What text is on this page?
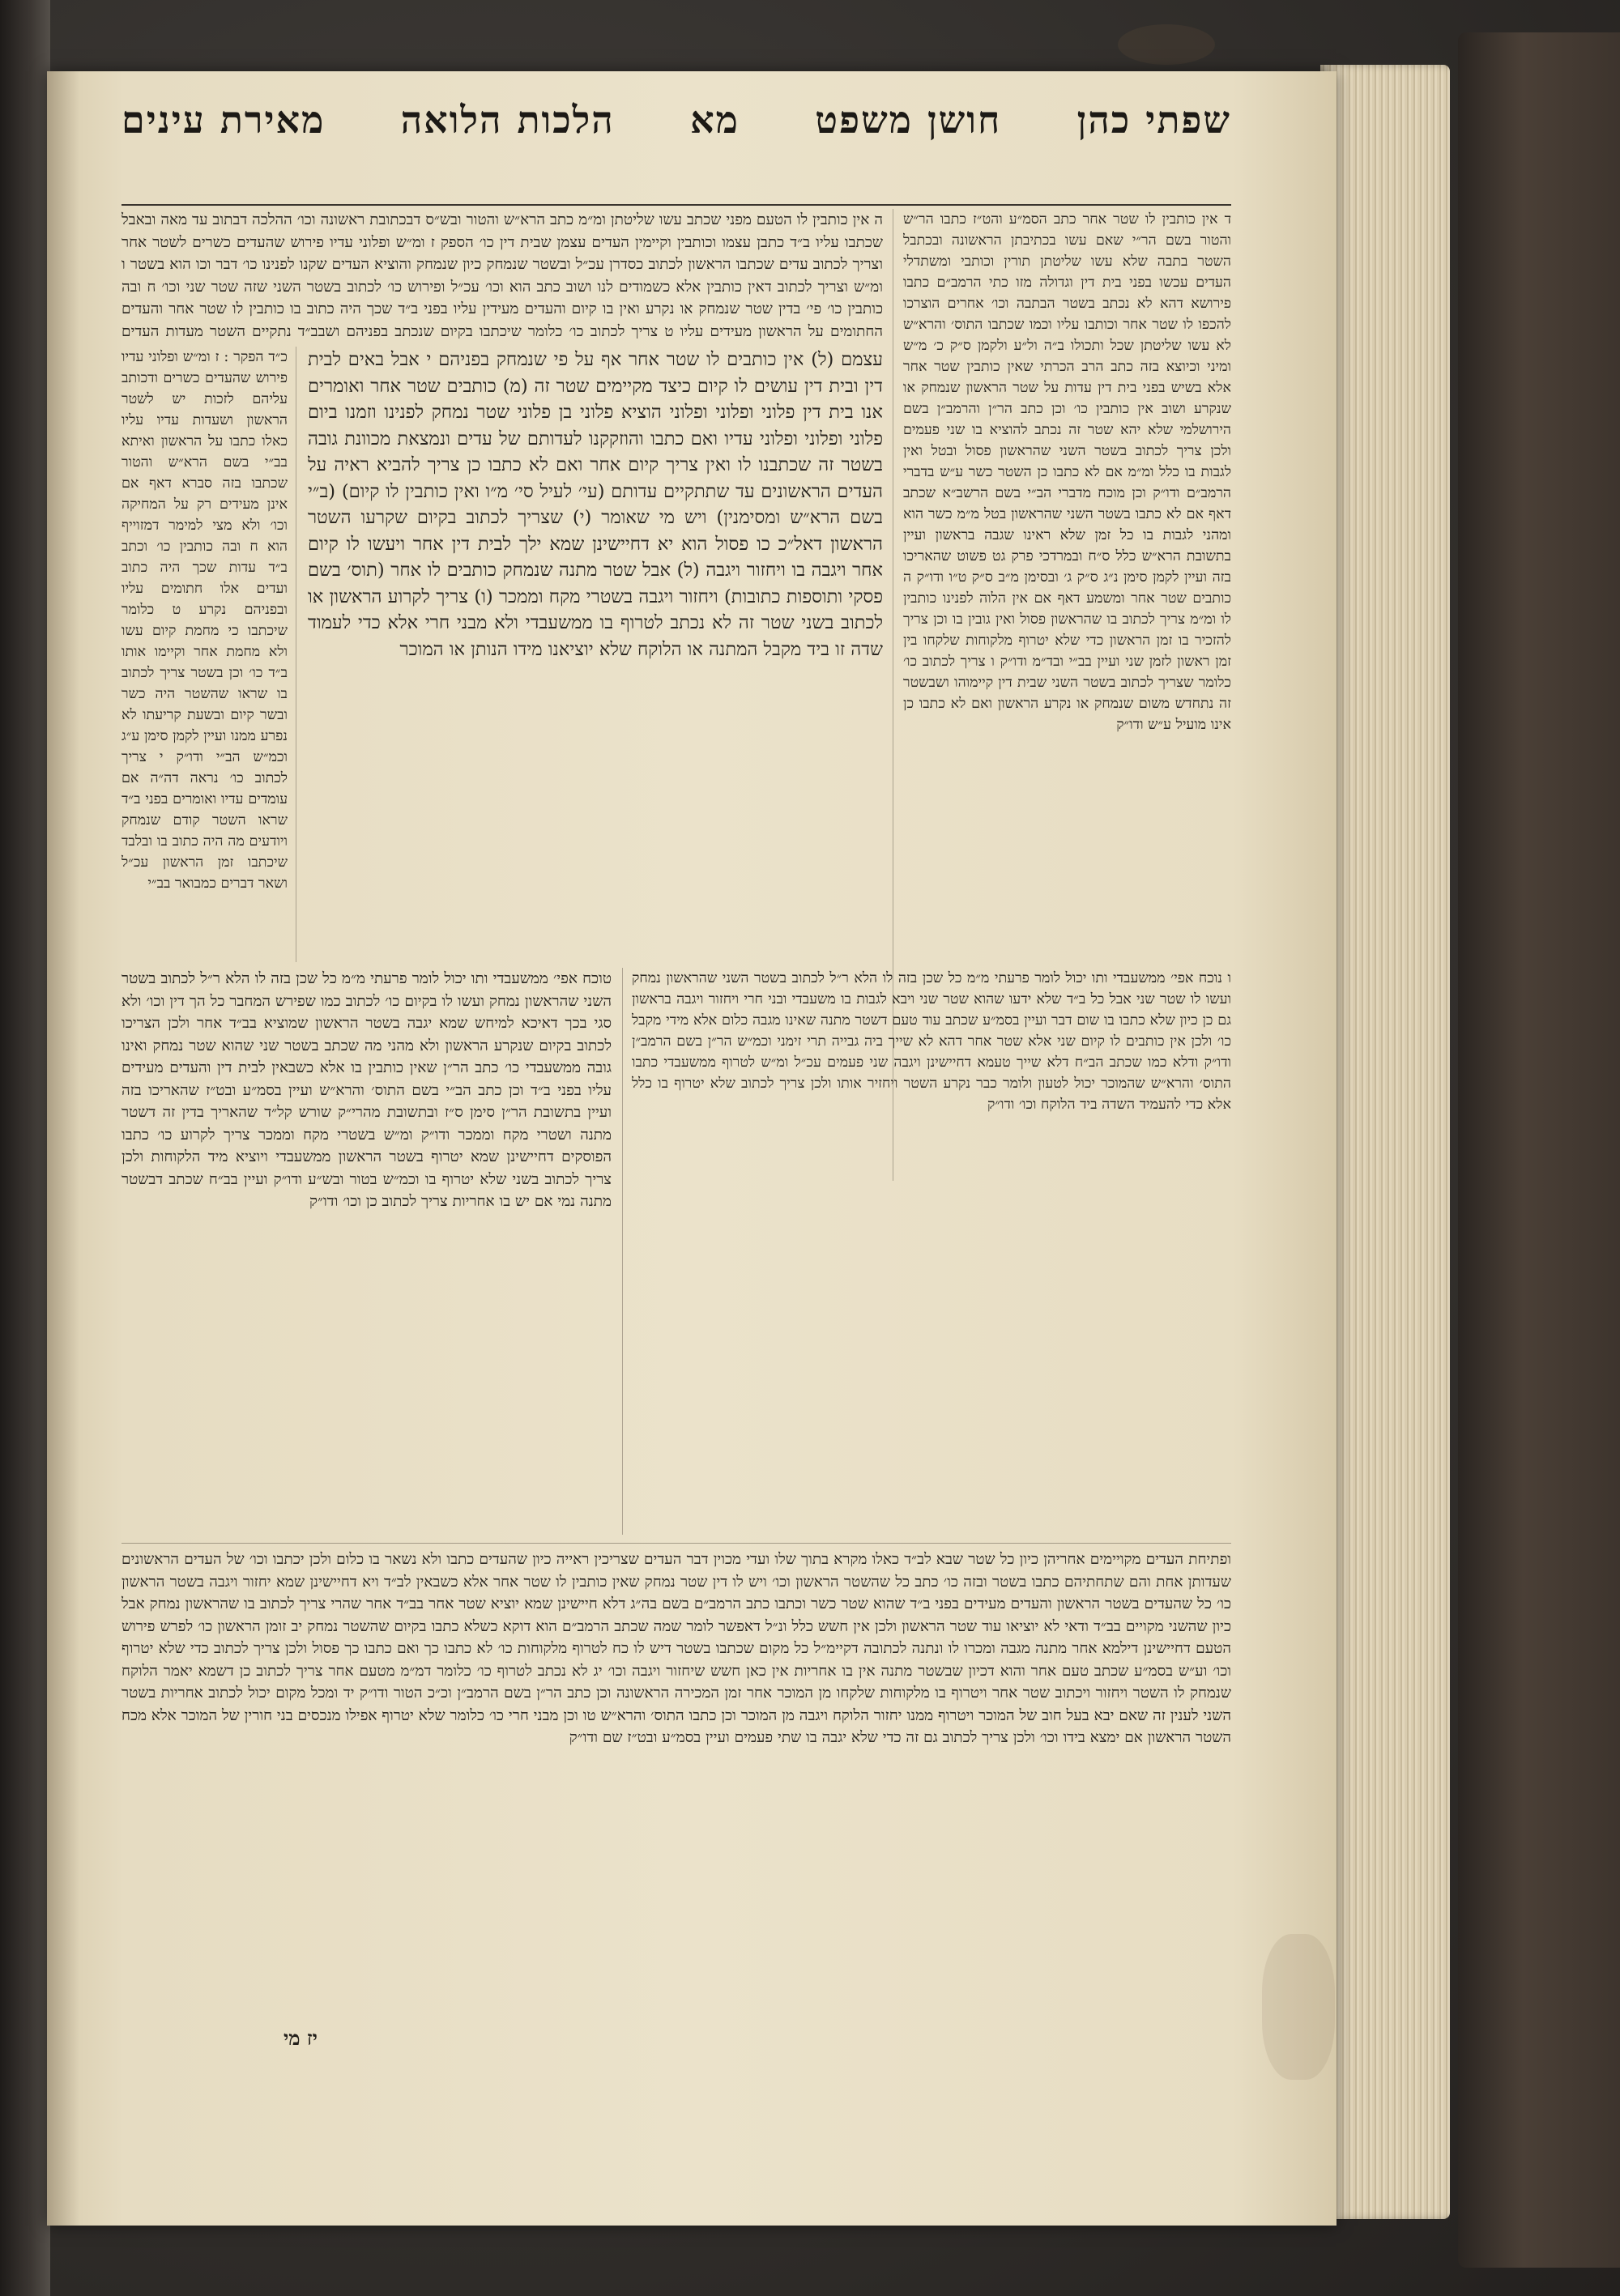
שפתי כהן
חושן משפט
מא
הלכות הלואה
מאירת עינים

ד אין כותבין לו שטר אחר כתב הסמ״ע והט״ז כתבו הר״ש והטור בשם הר״י שאם עשו בכתיבתן הראשונה ובכתבל השטר בתבה שלא עשו שליטתן תורין וכותבי ומשתדלי העדים עכשו בפני בית דין וגדולה מזו כתי הרמב״ם כתבו פירושא דהא לא נכתב בשטר הבתבה וכו׳ אחרים הוצרכו להכפו לו שטר אחר וכותבו עליו וכמו שכתבו התוס׳ והרא״ש לא עשו שליטתן שכל ותכולו ב״ה ול״ע ולקמן ס״ק כ׳ מ״ש ומיני וכיוצא בזה כתב הרב הכרתי שאין כותבין שטר אחר אלא בשיש בפני בית דין עדות על שטר הראשון שנמחק או שנקרע ושוב אין כותבין כו׳ וכן כתב הר״ן והרמב״ן בשם הירושלמי שלא יהא שטר זה נכתב להוציא בו שני פעמים ולכן צריך לכתוב בשטר השני שהראשון פסול ובטל ואין לגבות בו כלל ומ״מ אם לא כתבו כן השטר כשר ע״ש בדברי הרמב״ם ודו״ק וכן מוכח מדברי הב״י בשם הרשב״א שכתב דאף אם לא כתבו בשטר השני שהראשון בטל מ״מ כשר הוא ומהני לגבות בו כל זמן שלא ראינו שגבה בראשון ועיין בתשובת הרא״ש כלל ס״ח ובמרדכי פרק גט פשוט שהאריכו בזה ועיין לקמן סימן נ״ג ס״ק ג׳ ובסימן מ״ב ס״ק ט״ו ודו״ק ה כותבים שטר אחר ומשמע דאף אם אין הלוה לפנינו כותבין לו ומ״מ צריך לכתוב בו שהראשון פסול ואין גובין בו וכן צריך להזכיר בו זמן הראשון כדי שלא יטרוף מלקוחות שלקחו בין זמן ראשון לזמן שני ועיין בב״י ובד״מ ודו״ק ו צריך לכתוב כו׳ כלומר שצריך לכתוב בשטר השני שבית דין קיימוהו ושבשטר זה נתחדש משום שנמחק או נקרע הראשון ואם לא כתבו כן אינו מועיל ע״ש ודו״ק

ה אין כותבין לו הטעם מפני שכתב עשו שליטתן ומ״מ כתב הרא״ש והטור ובש״ס דבכתובת ראשונה וכו׳ ההלכה דבתוב עד מאה ובאבל שכתבו עליו ב״ד כתבן עצמו וכותבין וקיימין העדים עצמן שבית דין כו׳ הספק ז ומ״ש ופלוני עדיו פירוש שהעדים כשרים לשטר אחר וצריך לכתוב עדים שכתבו הראשון לכתוב כסדרן עכ״ל ובשטר שנמחק כיון שנמחק והוציא העדים שקנו לפנינו כו׳ דבר וכו הוא בשטר ו ומ״ש וצריך לכתוב דאין כותבין אלא כשמודים לנו ושוב כתב הוא וכו׳ עכ״ל ופירוש כו׳ לכתוב בשטר השני שזה שטר שני וכו׳ ח ובה כותבין כו׳ פי׳ בדין שטר שנמחק או נקרע ואין בו קיום והעדים מעידין עליו בפני ב״ד שכך היה כתוב בו כותבין לו שטר אחר והעדים החתומים על הראשון מעידים עליו ט צריך לכתוב כו׳ כלומר שיכתבו בקיום שנכתב בפניהם ושבב״ד נתקיים השטר מעדות העדים

כ״ד הפקר : ז ומ״ש ופלוני עדיו פירוש שהעדים כשרים ודכותב עליהם לזכות יש לשטר הראשון ושעדות עדיו עליו כאלו כתבו על הראשון ואיתא בב״י בשם הרא״ש והטור שכתבו בזה סברא דאף אם אינן מעידים רק על המחיקה וכו׳ ולא מצי למימר דמזוייף הוא ח ובה כותבין כו׳ וכתב ב״ד עדות שכך היה כתוב ועדים אלו חתומים עליו ובפניהם נקרע ט כלומר שיכתבו כי מחמת קיום עשו ולא מחמת אחר וקיימו אותו ב״ד כו׳ וכן בשטר צריך לכתוב בו שראו שהשטר היה כשר ובשר קיום ובשעת קריעתו לא נפרע ממנו ועיין לקמן סימן ע״ג וכמ״ש הב״י ודו״ק י צריך לכתוב כו׳ נראה דה״ה אם עומדים עדיו ואומרים בפני ב״ד שראו השטר קודם שנמחק ויודעים מה היה כתוב בו ובלבד שיכתבו זמן הראשון עכ״ל ושאר דברים כמבואר בב״י

עצמם (ל) אין כותבים לו שטר אחר אף על פי שנמחק בפניהם י אבל באים לבית דין ובית דין עושים לו קיום כיצד מקיימים שטר זה (מ) כותבים שטר אחר ואומרים אנו בית דין פלוני ופלוני ופלוני הוציא פלוני בן פלוני שטר נמחק לפנינו וזמנו ביום פלוני ופלוני ופלוני עדיו ואם כתבו והוזקקנו לעדותם של עדים ונמצאת מכוונת גובה בשטר זה שכתבנו לו ואין צריך קיום אחר ואם לא כתבו כן צריך להביא ראיה על העדים הראשונים עד שתתקיים עדותם (עי׳ לעיל סי׳ מ״ו ואין כותבין לו קיום) (ב״י בשם הרא״ש ומסימנין) ויש מי שאומר (י) שצריך לכתוב בקיום שקרעו השטר הראשון דאל״כ כו פסול הוא יא דחיישינן שמא ילך לבית דין אחר ויעשו לו קיום אחר ויגבה בו ויחזור ויגבה (ל) אבל שטר מתנה שנמחק כותבים לו אחר (תוס׳ בשם פסקי ותוספות כתובות) ויחזור ויגבה בשטרי מקח וממכר (ו) צריך לקרוע הראשון או לכתוב בשני שטר זה לא נכתב לטרוף בו ממשעבדי ולא מבני חרי אלא כדי לעמוד שדה זו ביד מקבל המתנה או הלוקח שלא יוציאנו מידו הנותן או המוכר

ו נוכח אפי׳ ממשעבדי ותו יכול לומר פרעתי מ״מ כל שכן בזה לו הלא ר״ל לכתוב בשטר השני שהראשון נמחק ועשו לו שטר שני אבל כל ב״ד שלא ידעו שהוא שטר שני ויבא לגבות בו משעבדי ובני חרי ויחזור ויגבה בראשון גם כן כיון שלא כתבו בו שום דבר ועיין בסמ״ע שכתב עוד טעם דשטר מתנה שאינו מגבה כלום אלא מידי מקבל כו׳ ולכן אין כותבים לו קיום שני אלא שטר אחר דהא לא שייך ביה גבייה תרי זימני וכמ״ש הר״ן בשם הרמב״ן ודו״ק ודלא כמו שכתב הב״ח דלא שייך טעמא דחיישינן ויגבה שני פעמים עכ״ל ומ״ש לטרוף ממשעבדי כתבו התוס׳ והרא״ש שהמוכר יכול לטעון ולומר כבר נקרע השטר ויחזיר אותו ולכן צריך לכתוב שלא יטרוף בו כלל אלא כדי להעמיד השדה ביד הלוקח וכו׳ ודו״ק

טוכח אפי׳ ממשעבדי ותו יכול לומר פרעתי מ״מ כל שכן בזה לו הלא ר״ל לכתוב בשטר השני שהראשון נמחק ועשו לו בקיום כו׳ לכתוב כמו שפירש המחבר כל הך דין וכו׳ ולא סגי בכך דאיכא למיחש שמא יגבה בשטר הראשון שמוציא בב״ד אחר ולכן הצריכו לכתוב בקיום שנקרע הראשון ולא מהני מה שכתב בשטר שני שהוא שטר נמחק ואינו גובה ממשעבדי כו׳ כתב הר״ן שאין כותבין בו אלא כשבאין לבית דין והעדים מעידים עליו בפני ב״ד וכן כתב הב״י בשם התוס׳ והרא״ש ועיין בסמ״ע ובט״ז שהאריכו בזה ועיין בתשובת הר״ן סימן ס״ז ובתשובת מהרי״ק שורש קל״ד שהאריך בדין זה דשטר מתנה ושטרי מקח וממכר ודו״ק ומ״ש בשטרי מקח וממכר צריך לקרוע כו׳ כתבו הפוסקים דחיישינן שמא יטרוף בשטר הראשון ממשעבדי ויוציא מיד הלקוחות ולכן צריך לכתוב בשני שלא יטרוף בו וכמ״ש בטור ובש״ע ודו״ק ועיין בב״ח שכתב דבשטר מתנה נמי אם יש בו אחריות צריך לכתוב כן וכו׳ ודו״ק

ופתיחת העדים מקויימים אחריהן כיון כל שטר שבא לב״ד כאלו מקרא בתוך שלו ועדי מכוין דבר העדים שצריכין ראייה כיון שהעדים כתבו ולא נשאר בו כלום ולכן יכתבו וכו׳ של העדים הראשונים שעדותן אחת והם שתחתיהם כתבו בשטר ובזה כו׳ כתב כל שהשטר הראשון וכו׳ ויש לו דין שטר נמחק שאין כותבין לו שטר אחר אלא כשבאין לב״ד ויא דחיישינן שמא יחזור ויגבה בשטר הראשון כו׳ כל שהעדים בשטר הראשון והעדים מעידים בפני ב״ד שהוא שטר כשר וכתבו כתב הרמב״ם בשם בה״ג דלא חיישינן שמא יוציא שטר אחר בב״ד אחר שהרי צריך לכתוב בו שהראשון נמחק אבל כיון שהשני מקויים בב״ד ודאי לא יוציאו עוד שטר הראשון ולכן אין חשש כלל ונ״ל דאפשר לומר שמה שכתב הרמב״ם הוא דוקא כשלא כתבו בקיום שהשטר נמחק יב זומן הראשון כו׳ לפרש פירוש הטעם דחיישינן דילמא אחר מתנה מגבה ומכרו לו ונתנה לכתובה דקיימ״ל כל מקום שכתבו בשטר דיש לו כח לטרוף מלקוחות כו׳ לא כתבו כך ואם כתבו כך פסול ולכן צריך לכתוב כדי שלא יטרוף וכו׳ וע״ש בסמ״ע שכתב טעם אחר והוא דכיון שבשטר מתנה אין בו אחריות אין כאן חשש שיחזור ויגבה וכו׳ יג לא נכתב לטרוף כו׳ כלומר דמ״מ מטעם אחר צריך לכתוב כן דשמא יאמר הלוקח שנמחק לו השטר ויחזור ויכתוב שטר אחר ויטרוף בו מלקוחות שלקחו מן המוכר אחר זמן המכירה הראשונה וכן כתב הר״ן בשם הרמב״ן וכ״כ הטור ודו״ק יד ומכל מקום יכול לכתוב אחריות בשטר השני לענין זה שאם יבא בעל חוב של המוכר ויטרוף ממנו יחזור הלוקח ויגבה מן המוכר וכן כתבו התוס׳ והרא״ש טו וכן מבני חרי כו׳ כלומר שלא יטרוף אפילו מנכסים בני חורין של המוכר אלא מכח השטר הראשון אם ימצא בידו וכו׳ ולכן צריך לכתוב גם זה כדי שלא יגבה בו שתי פעמים ועיין בסמ״ע ובט״ז שם ודו״ק

יז מי
